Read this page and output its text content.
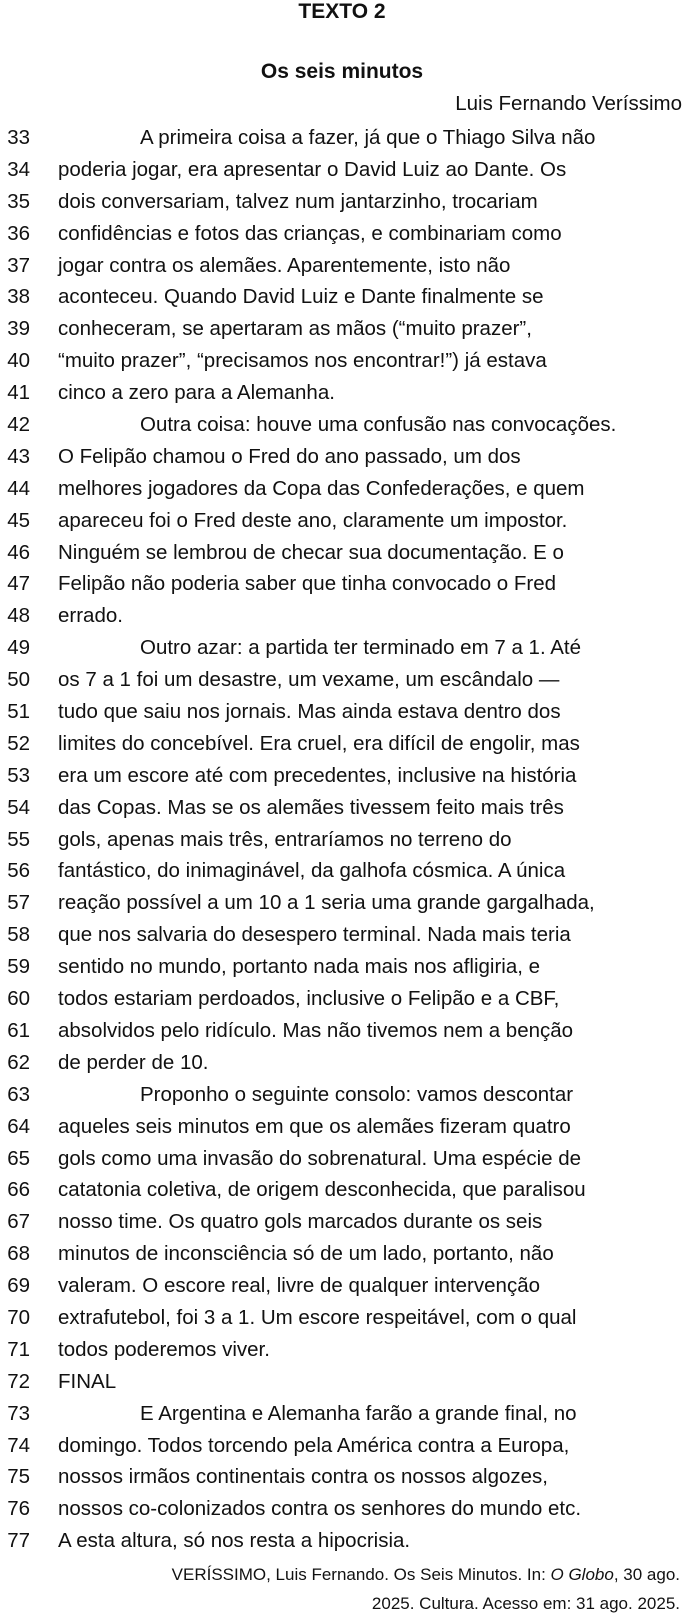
TEXTO 2
Os seis minutos
Luis Fernando Veríssimo
33	A primeira coisa a fazer, já que o Thiago Silva não
34 poderia jogar, era apresentar o David Luiz ao Dante. Os
35 dois conversariam, talvez num jantarzinho, trocariam
36 confidências e fotos das crianças, e combinariam como
37 jogar contra os alemães. Aparentemente, isto não
38 aconteceu. Quando David Luiz e Dante finalmente se
39 conheceram, se apertaram as mãos (“muito prazer”,
40 “muito prazer”, “precisamos nos encontrar!”) já estava
41 cinco a zero para a Alemanha.
42	Outra coisa: houve uma confusão nas convocações.
43 O Felipão chamou o Fred do ano passado, um dos
44 melhores jogadores da Copa das Confederações, e quem
45 apareceu foi o Fred deste ano, claramente um impostor.
46 Ninguém se lembrou de checar sua documentação. E o
47 Felipão não poderia saber que tinha convocado o Fred
48 errado.
49	Outro azar: a partida ter terminado em 7 a 1. Até
50 os 7 a 1 foi um desastre, um vexame, um escândalo —
51 tudo que saiu nos jornais. Mas ainda estava dentro dos
52 limites do concebível. Era cruel, era difícil de engolir, mas
53 era um escore até com precedentes, inclusive na história
54 das Copas. Mas se os alemães tivessem feito mais três
55 gols, apenas mais três, entraríamos no terreno do
56 fantástico, do inimaginável, da galhofa cósmica. A única
57 reação possível a um 10 a 1 seria uma grande gargalhada,
58 que nos salvaria do desespero terminal. Nada mais teria
59 sentido no mundo, portanto nada mais nos afligiria, e
60 todos estariam perdoados, inclusive o Felipão e a CBF,
61 absolvidos pelo ridículo. Mas não tivemos nem a benção
62 de perder de 10.
63	Proponho o seguinte consolo: vamos descontar
64 aqueles seis minutos em que os alemães fizeram quatro
65 gols como uma invasão do sobrenatural. Uma espécie de
66 catatonia coletiva, de origem desconhecida, que paralisou
67 nosso time. Os quatro gols marcados durante os seis
68 minutos de inconsciência só de um lado, portanto, não
69 valeram. O escore real, livre de qualquer intervenção
70 extrafutebol, foi 3 a 1. Um escore respeitável, com o qual
71 todos poderemos viver.
72 FINAL
73	E Argentina e Alemanha farão a grande final, no
74 domingo. Todos torcendo pela América contra a Europa,
75 nossos irmãos continentais contra os nossos algozes,
76 nossos co-colonizados contra os senhores do mundo etc.
77 A esta altura, só nos resta a hipocrisia.
VERÍSSIMO, Luis Fernando. Os Seis Minutos. In: O Globo, 30 ago.
2025. Cultura. Acesso em: 31 ago. 2025.
